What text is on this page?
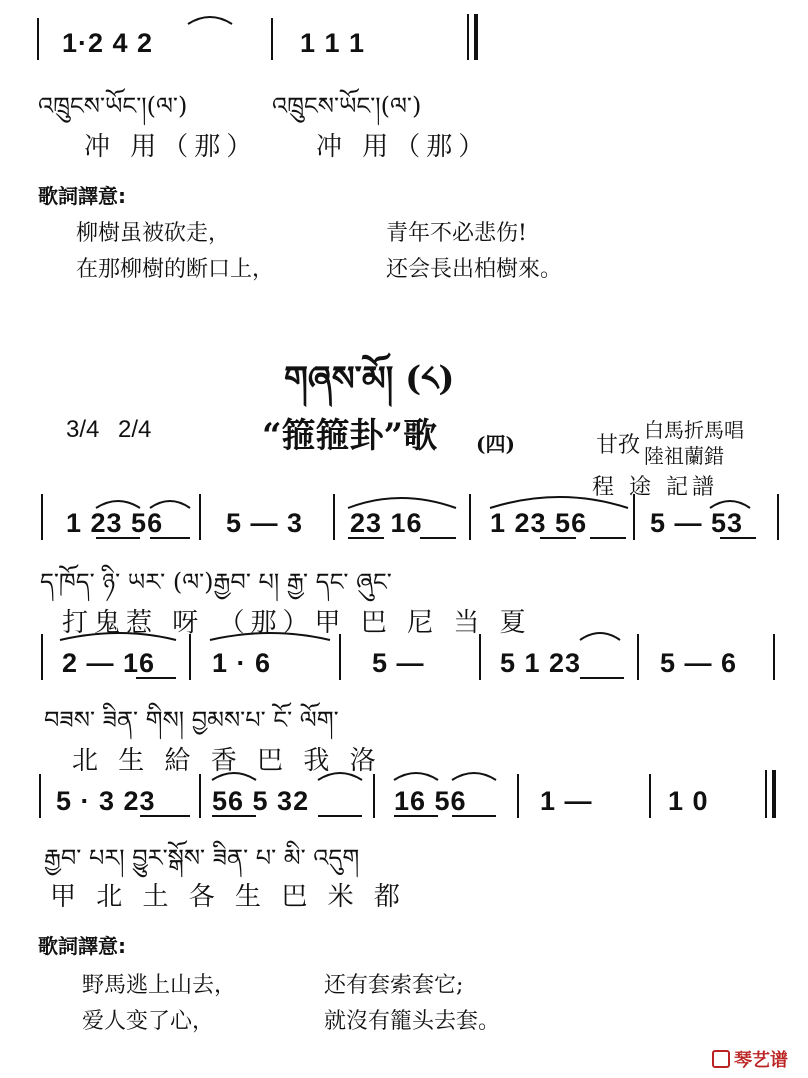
1·2 4 2	1 1 1
འཁྲུངས་ཡོང་།(ལ་)	འཁྲུངས་ཡོང་།(ལ་)
冲 用（那） 冲 用（那）
歌詞譯意:
柳樹虽被砍走，	青年不必悲伤!
在那柳樹的断口上，	还会長出柏樹來。
གཞས་མོ། (༨)
3/4 2/4	“箍箍卦”歌 (四)	甘孜
白馬折馬唱
陸祖蘭錯
程 途 記譜
1 23 56 5 — 3 23 16 1 23 56 5 — 53
ད་ཁོད་ ཉི་ ཡར་ (ལ་)རྒྱབ་ པ། རྒྱ་ དང་ ཞུང་
打鬼惹 呀 （那）甲 巴 尼 当 夏
2 — 16 1 · 6	5 —	5 1 23	5 — 6
བཟས་ ཟིན་ གིས། བྱམས་པ་ ངོ་ ལོག་
北 生 給 香 巴 我 洛
5 · 3 23 56 5 32	16 56	1 —	1 0
རྒྱབ་ པར། བྱུར་སྒོས་ ཟིན་ པ་ མི་ འདུག
甲 北 土 各 生 巴 米 都
歌詞譯意:
野馬逃上山去，	还有套索套它;
爱人变了心，	就沒有籠头去套。
琴艺谱
